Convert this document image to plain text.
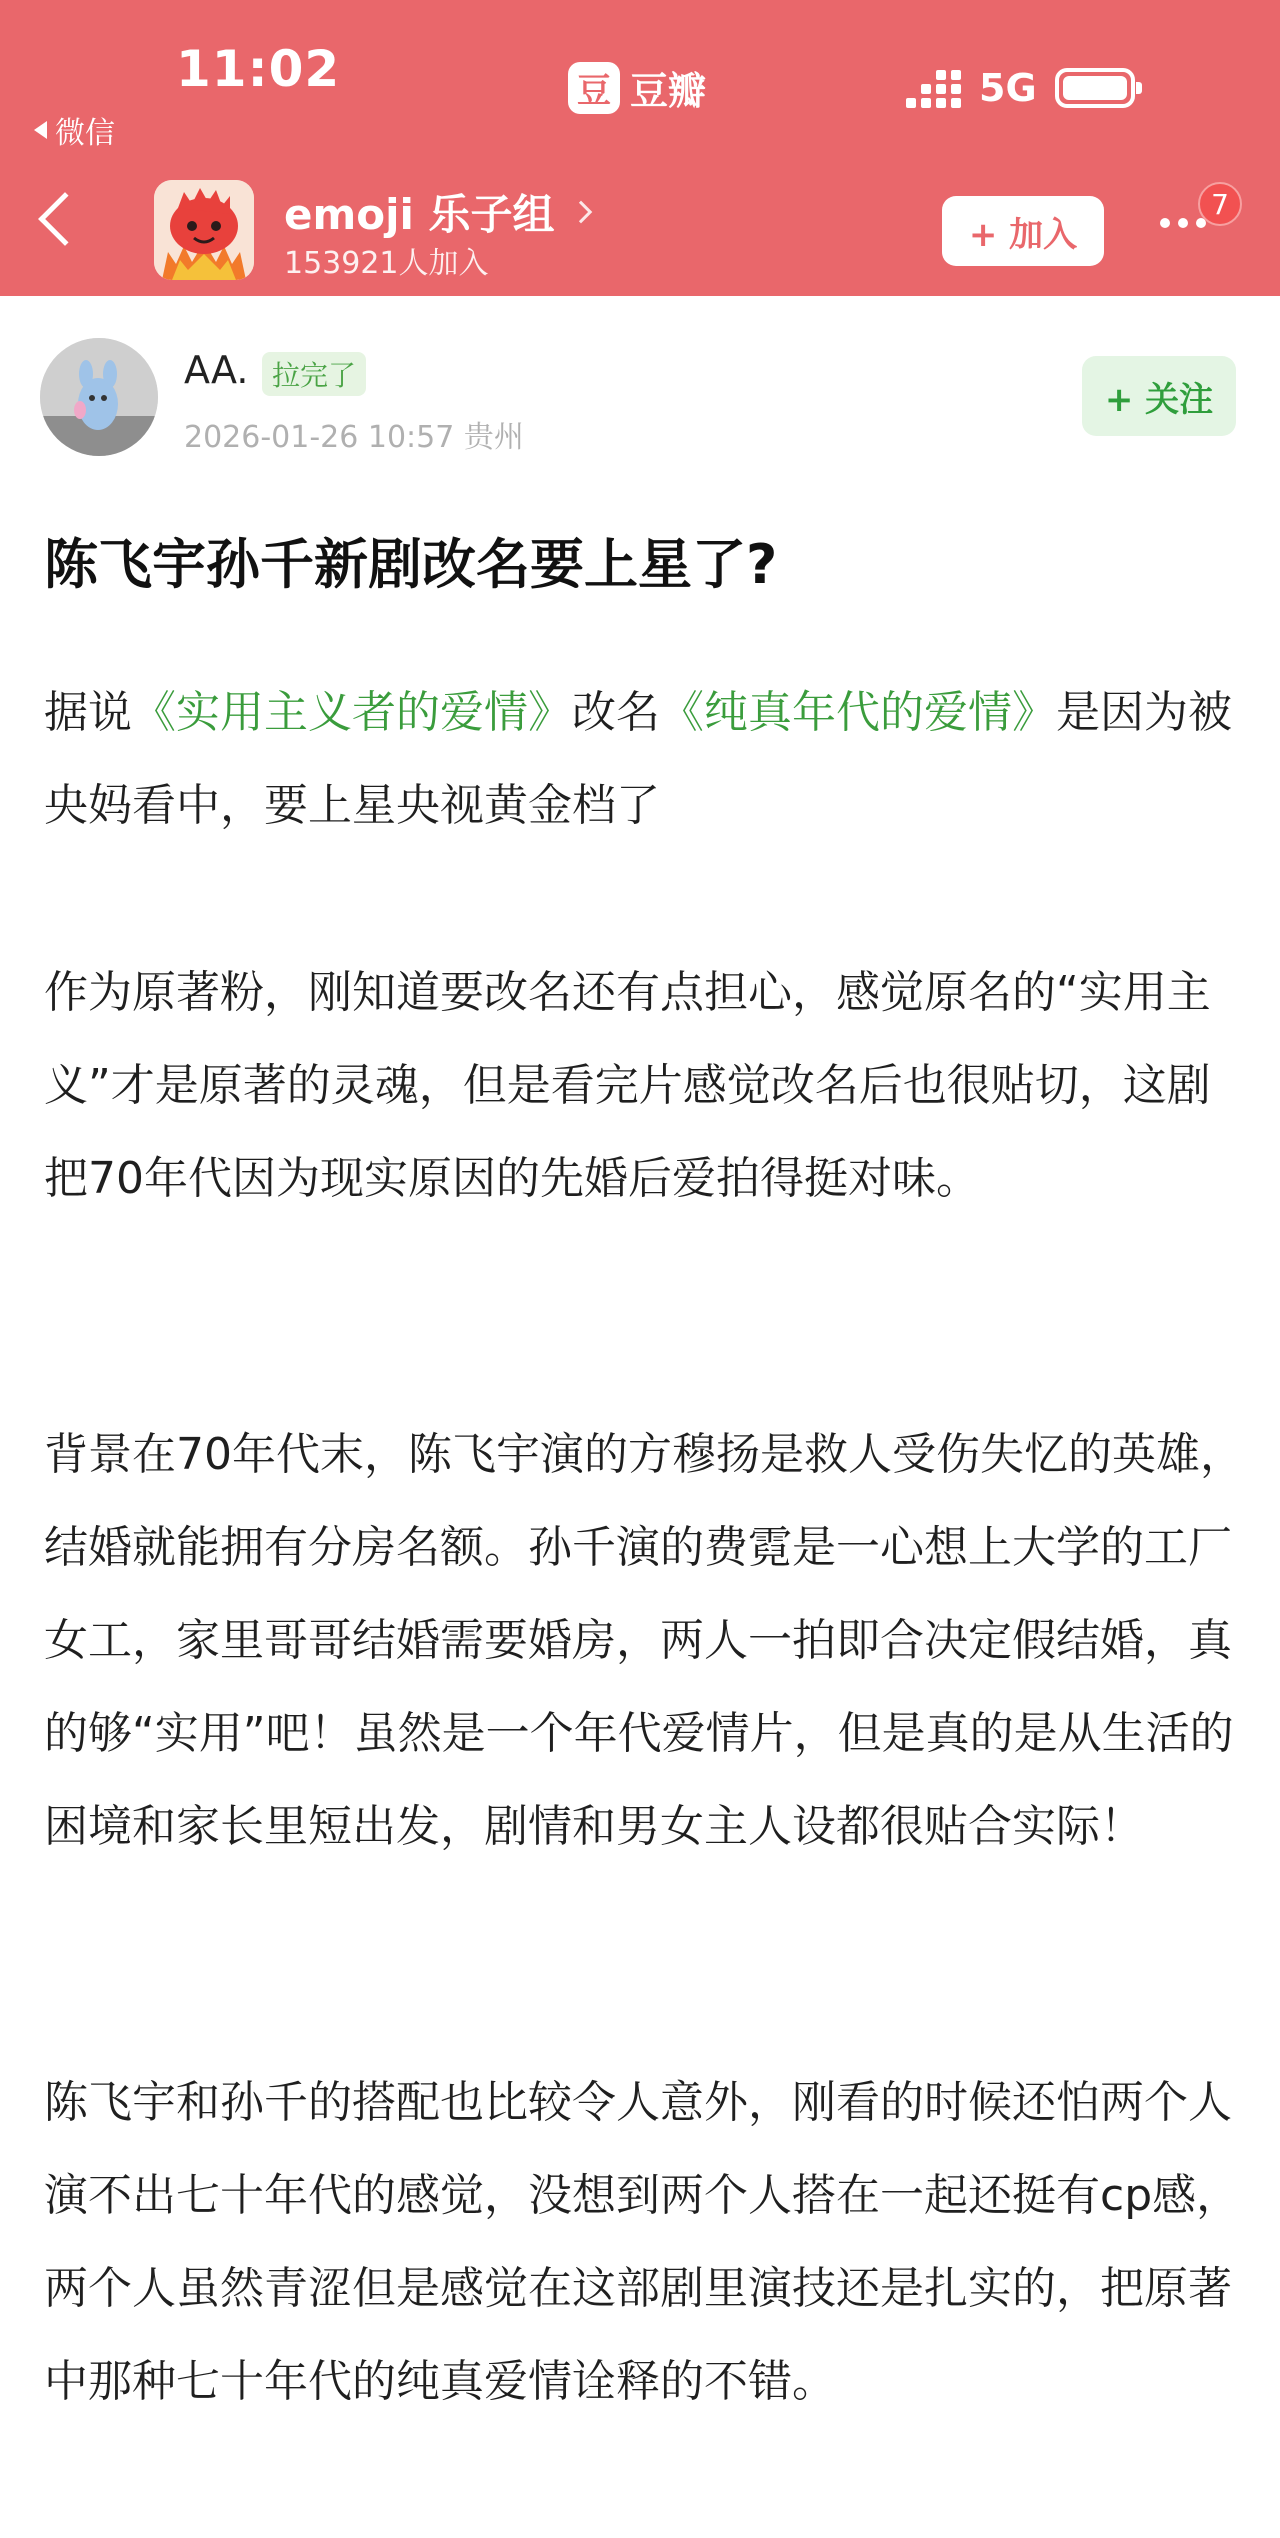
11:02
微信
豆 豆瓣	5G
emoji 乐子组
153921人加入
+ 加入
7
AA. 拉完了
2026-01-26 10:57 贵州
+ 关注
陈飞宇孙千新剧改名要上星了?

据说《实用主义者的爱情》改名《纯真年代的爱情》是因为被央妈看中，要上星央视黄金档了

作为原著粉，刚知道要改名还有点担心，感觉原名的“实用主义”才是原著的灵魂，但是看完片感觉改名后也很贴切，这剧把70年代因为现实原因的先婚后爱拍得挺对味。

背景在70年代末，陈飞宇演的方穆扬是救人受伤失忆的英雄，结婚就能拥有分房名额。孙千演的费霓是一心想上大学的工厂女工，家里哥哥结婚需要婚房，两人一拍即合决定假结婚，真的够“实用”吧！虽然是一个年代爱情片，但是真的是从生活的困境和家长里短出发，剧情和男女主人设都很贴合实际！

陈飞宇和孙千的搭配也比较令人意外，刚看的时候还怕两个人演不出七十年代的感觉，没想到两个人搭在一起还挺有cp感，两个人虽然青涩但是感觉在这部剧里演技还是扎实的，把原著中那种七十年代的纯真爱情诠释的不错。
